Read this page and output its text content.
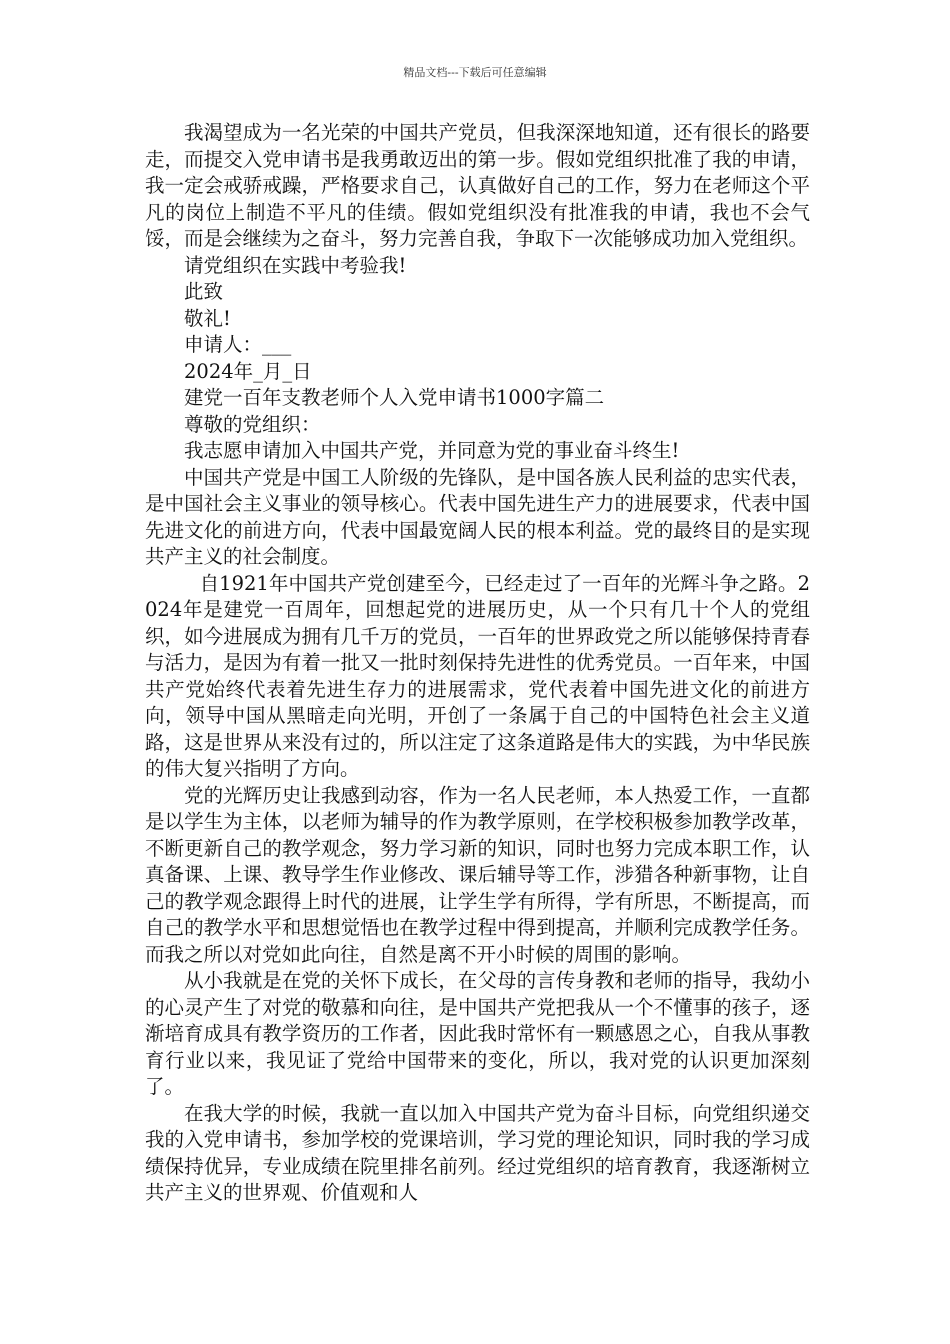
精品文档---下载后可任意编辑

我渴望成为一名光荣的中国共产党员，但我深深地知道，还有很长的路要走，而提交入党申请书是我勇敢迈出的第一步。假如党组织批准了我的申请，我一定会戒骄戒躁，严格要求自己，认真做好自己的工作，努力在老师这个平凡的岗位上制造不平凡的佳绩。假如党组织没有批准我的申请，我也不会气馁，而是会继续为之奋斗，努力完善自我，争取下一次能够成功加入党组织。

请党组织在实践中考验我!

此致

敬礼!

申请人：___

2024年_月_日

建党一百年支教老师个人入党申请书1000字篇二

尊敬的党组织：

我志愿申请加入中国共产党，并同意为党的事业奋斗终生!

中国共产党是中国工人阶级的先锋队，是中国各族人民利益的忠实代表，是中国社会主义事业的领导核心。代表中国先进生产力的进展要求，代表中国先进文化的前进方向，代表中国最宽阔人民的根本利益。党的最终目的是实现共产主义的社会制度。

自1921年中国共产党创建至今，已经走过了一百年的光辉斗争之路。2024年是建党一百周年，回想起党的进展历史，从一个只有几十个人的党组织，如今进展成为拥有几千万的党员，一百年的世界政党之所以能够保持青春与活力，是因为有着一批又一批时刻保持先进性的优秀党员。一百年来，中国共产党始终代表着先进生存力的进展需求，党代表着中国先进文化的前进方向，领导中国从黑暗走向光明，开创了一条属于自己的中国特色社会主义道路，这是世界从来没有过的，所以注定了这条道路是伟大的实践，为中华民族的伟大复兴指明了方向。

党的光辉历史让我感到动容，作为一名人民老师，本人热爱工作，一直都是以学生为主体，以老师为辅导的作为教学原则，在学校积极参加教学改革，不断更新自己的教学观念，努力学习新的知识，同时也努力完成本职工作，认真备课、上课、教导学生作业修改、课后辅导等工作，涉猎各种新事物，让自己的教学观念跟得上时代的进展，让学生学有所得，学有所思，不断提高，而自己的教学水平和思想觉悟也在教学过程中得到提高，并顺利完成教学任务。而我之所以对党如此向往，自然是离不开小时候的周围的影响。

从小我就是在党的关怀下成长，在父母的言传身教和老师的指导，我幼小的心灵产生了对党的敬慕和向往，是中国共产党把我从一个不懂事的孩子，逐渐培育成具有教学资历的工作者，因此我时常怀有一颗感恩之心，自我从事教育行业以来，我见证了党给中国带来的变化，所以，我对党的认识更加深刻了。

在我大学的时候，我就一直以加入中国共产党为奋斗目标，向党组织递交我的入党申请书，参加学校的党课培训，学习党的理论知识，同时我的学习成绩保持优异，专业成绩在院里排名前列。经过党组织的培育教育，我逐渐树立共产主义的世界观、价值观和人
